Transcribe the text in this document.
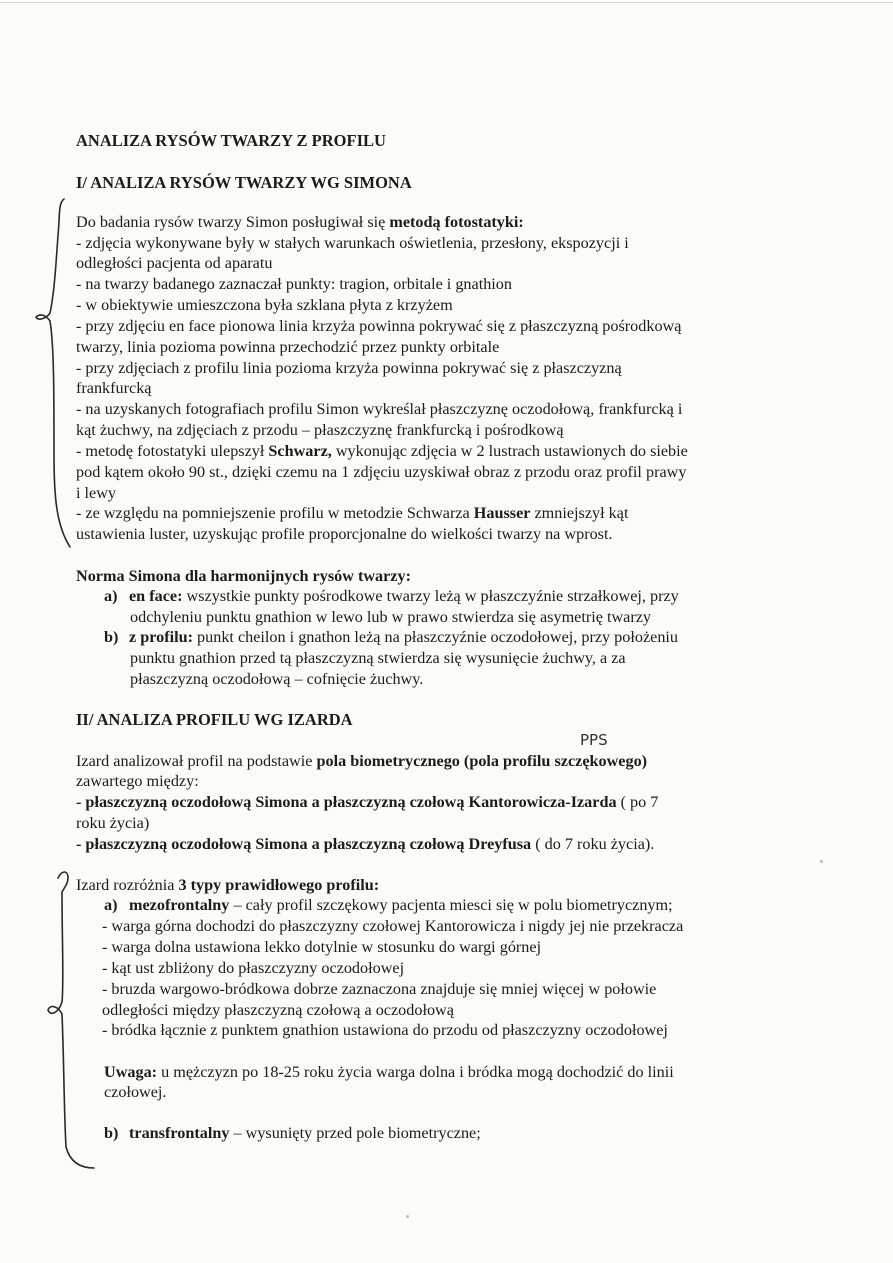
ANALIZA RYSÓW TWARZY Z PROFILU
I/ ANALIZA RYSÓW TWARZY WG SIMONA
Do badania rysów twarzy Simon posługiwał się metodą fotostatyki:
- zdjęcia wykonywane były w stałych warunkach oświetlenia, przesłony, ekspozycji i
odległości pacjenta od aparatu
- na twarzy badanego zaznaczał punkty: tragion, orbitale i gnathion
- w obiektywie umieszczona była szklana płyta z krzyżem
- przy zdjęciu en face pionowa linia krzyża powinna pokrywać się z płaszczyzną pośrodkową
twarzy, linia pozioma powinna przechodzić przez punkty orbitale
- przy zdjęciach z profilu linia pozioma krzyża powinna pokrywać się z płaszczyzną
frankfurcką
- na uzyskanych fotografiach profilu Simon wykreślał płaszczyznę oczodołową, frankfurcką i
kąt żuchwy, na zdjęciach z przodu – płaszczyznę frankfurcką i pośrodkową
- metodę fotostatyki ulepszył Schwarz, wykonując zdjęcia w 2 lustrach ustawionych do siebie
pod kątem około 90 st., dzięki czemu na 1 zdjęciu uzyskiwał obraz z przodu oraz profil prawy
i lewy
- ze względu na pomniejszenie profilu w metodzie Schwarza Hausser zmniejszył kąt
ustawienia luster, uzyskując profile proporcjonalne do wielkości twarzy na wprost.
Norma Simona dla harmonijnych rysów twarzy:
a) en face: wszystkie punkty pośrodkowe twarzy leżą w płaszczyźnie strzałkowej, przy
odchyleniu punktu gnathion w lewo lub w prawo stwierdza się asymetrię twarzy
b) z profilu: punkt cheilon i gnathon leżą na płaszczyźnie oczodołowej, przy położeniu
punktu gnathion przed tą płaszczyzną stwierdza się wysunięcie żuchwy, a za
płaszczyzną oczodołową – cofnięcie żuchwy.
II/ ANALIZA PROFILU WG IZARDA
PPS
Izard analizował profil na podstawie pola biometrycznego (pola profilu szczękowego)
zawartego między:
- płaszczyzną oczodołową Simona a płaszczyzną czołową Kantorowicza-Izarda ( po 7
roku życia)
- płaszczyzną oczodołową Simona a płaszczyzną czołową Dreyfusa ( do 7 roku życia).
Izard rozróżnia 3 typy prawidłowego profilu:
a) mezofrontalny – cały profil szczękowy pacjenta miesci się w polu biometrycznym;
- warga górna dochodzi do płaszczyzny czołowej Kantorowicza i nigdy jej nie przekracza
- warga dolna ustawiona lekko dotylnie w stosunku do wargi górnej
- kąt ust zbliżony do płaszczyzny oczodołowej
- bruzda wargowo-bródkowa dobrze zaznaczona znajduje się mniej więcej w połowie
odległości między płaszczyzną czołową a oczodołową
- bródka łącznie z punktem gnathion ustawiona do przodu od płaszczyzny oczodołowej
Uwaga: u mężczyzn po 18-25 roku życia warga dolna i bródka mogą dochodzić do linii
czołowej.
b) transfrontalny – wysunięty przed pole biometryczne;
